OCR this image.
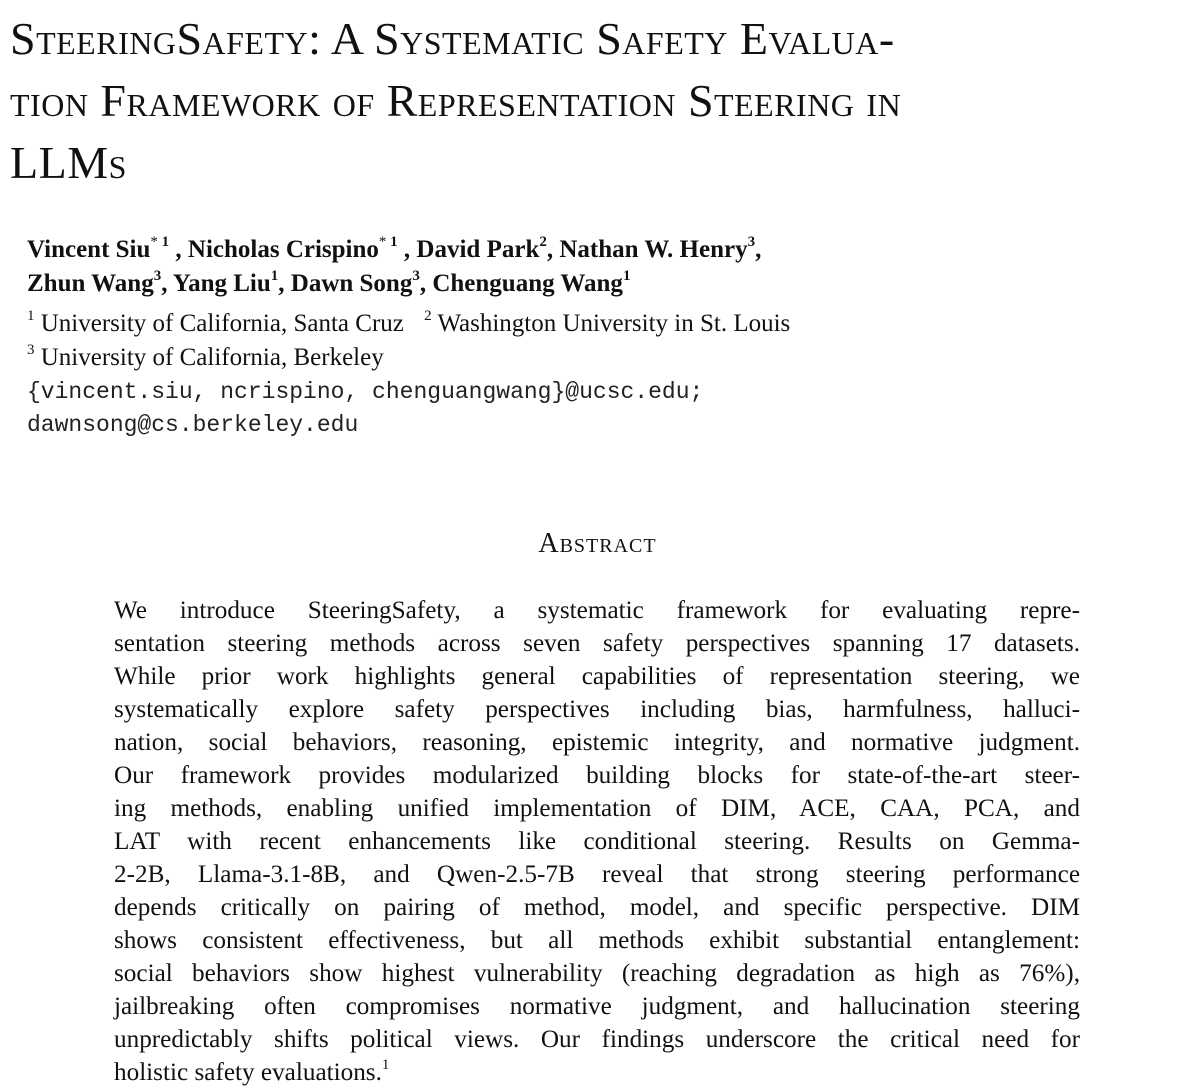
SteeringSafety: A Systematic Safety Evalua-
tion Framework of Representation Steering in
LLMs
Vincent Siu$^{* 1}$ , Nicholas Crispino$^{* 1}$ , David Park$^2$, Nathan W. Henry$^3$,
Zhun Wang$^3$, Yang Liu$^1$, Dawn Song$^3$, Chenguang Wang$^1$
$^1$ University of California, Santa Cruz $^2$ Washington University in St. Louis
$^3$ University of California, Berkeley
{vincent.siu, ncrispino, chenguangwang}@ucsc.edu;
dawnsong@cs.berkeley.edu
Abstract
We introduce SteeringSafety, a systematic framework for evaluating repre-
sentation steering methods across seven safety perspectives spanning 17 datasets.
While prior work highlights general capabilities of representation steering, we
systematically explore safety perspectives including bias, harmfulness, halluci-
nation, social behaviors, reasoning, epistemic integrity, and normative judgment.
Our framework provides modularized building blocks for state-of-the-art steer-
ing methods, enabling unified implementation of DIM, ACE, CAA, PCA, and
LAT with recent enhancements like conditional steering. Results on Gemma-
2-2B, Llama-3.1-8B, and Qwen-2.5-7B reveal that strong steering performance
depends critically on pairing of method, model, and specific perspective. DIM
shows consistent effectiveness, but all methods exhibit substantial entanglement:
social behaviors show highest vulnerability (reaching degradation as high as 76%),
jailbreaking often compromises normative judgment, and hallucination steering
unpredictably shifts political views. Our findings underscore the critical need for
holistic safety evaluations.$^1$
